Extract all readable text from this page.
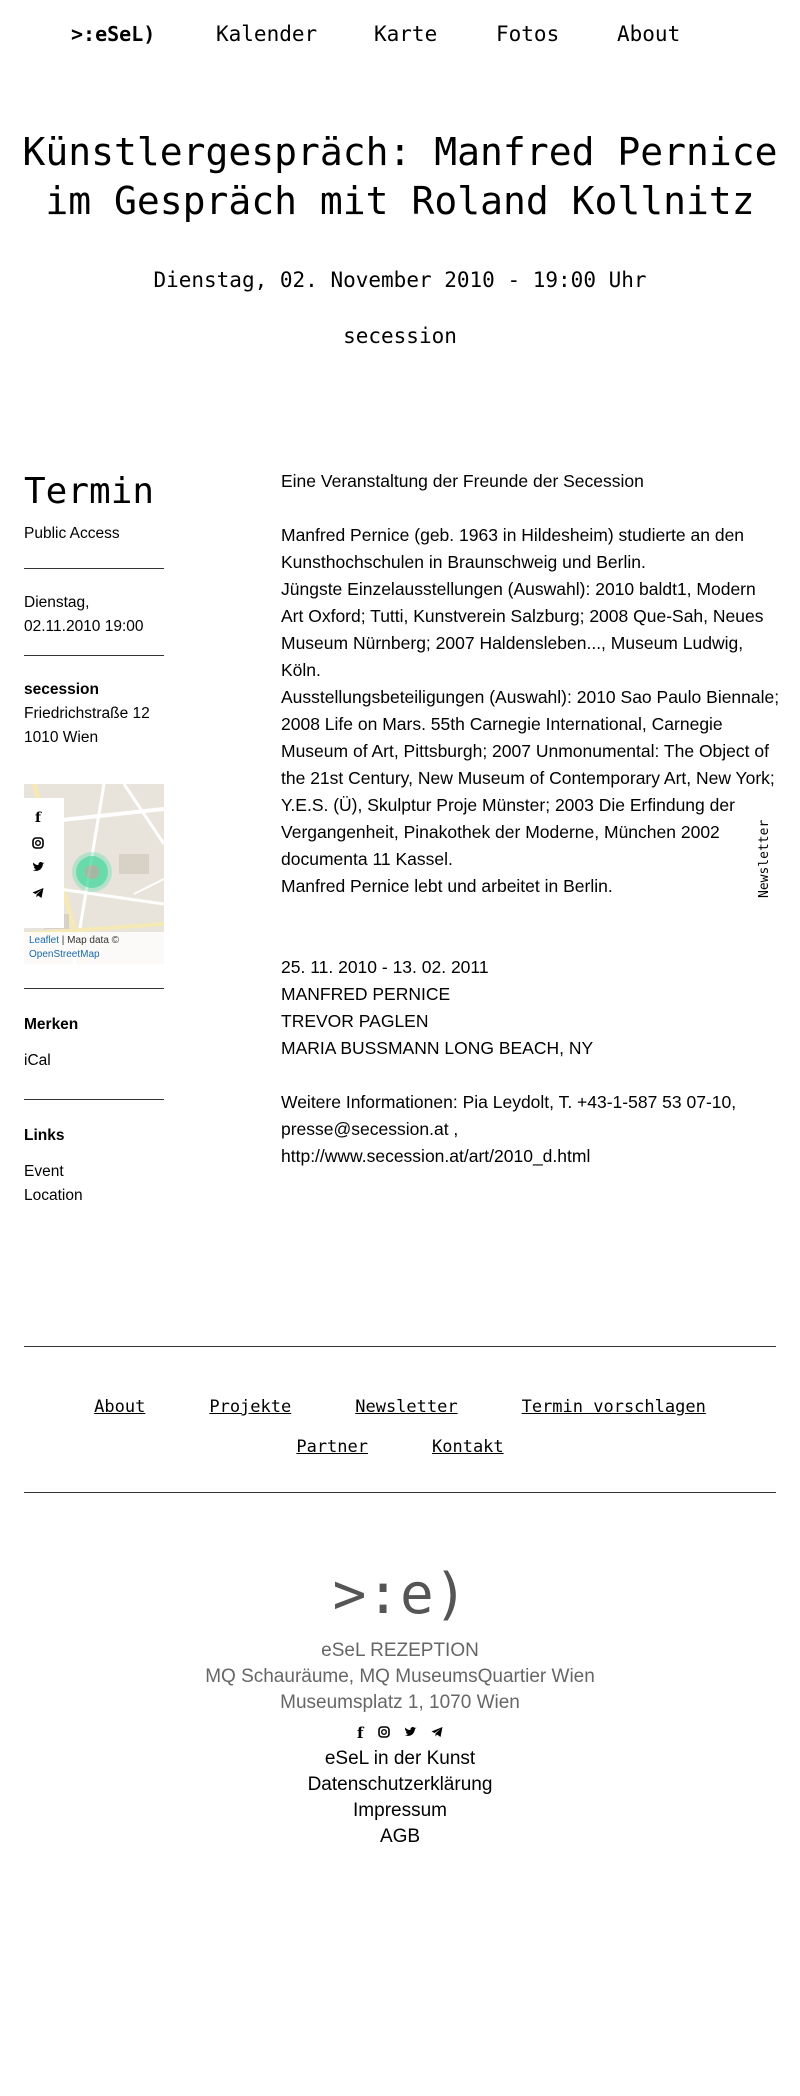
>:eSeL)	Kalender	Karte	Fotos	About
Künstlergespräch: Manfred Pernice im Gespräch mit Roland Kollnitz
Dienstag, 02. November 2010 - 19:00 Uhr
secession
Termin
Public Access
Dienstag,
02.11.2010 19:00
secession
Friedrichstraße 12
1010 Wien
f
Leaflet | Map data ©
OpenStreetMap
Merken
iCal
Links
Event
Location

Eine Veranstaltung der Freunde der Secession

Manfred Pernice (geb. 1963 in Hildesheim) studierte an den Kunsthochschulen in Braunschweig und Berlin.

Jüngste Einzelausstellungen (Auswahl): 2010 baldt1, Modern Art Oxford; Tutti, Kunstverein Salzburg; 2008 Que-Sah, Neues Museum Nürnberg; 2007 Haldensleben..., Museum Ludwig, Köln.

Ausstellungsbeteiligungen (Auswahl): 2010 Sao Paulo Biennale; 2008 Life on Mars. 55th Carnegie International, Carnegie Museum of Art, Pittsburgh; 2007 Unmonumental: The Object of the 21st Century, New Museum of Contemporary Art, New York; Y.E.S. (Ü), Skulptur Proje Münster; 2003 Die Erfindung der Vergangenheit, Pinakothek der Moderne, München 2002 documenta 11 Kassel.

Manfred Pernice lebt und arbeitet in Berlin.

25. 11. 2010 - 13. 02. 2011

MANFRED PERNICE

TREVOR PAGLEN

MARIA BUSSMANN LONG BEACH, NY

Weitere Informationen: Pia Leydolt, T. +43-1-587 53 07-10,

presse@secession.at ,

http://www.secession.at/art/2010_d.html

Newsletter
About	Projekte	Newsletter	Termin vorschlagen
Partner	Kontakt
>:e)
eSeL REZEPTION
MQ Schauräume, MQ MuseumsQuartier Wien
Museumsplatz 1, 1070 Wien
f
eSeL in der Kunst
Datenschutzerklärung
Impressum
AGB
